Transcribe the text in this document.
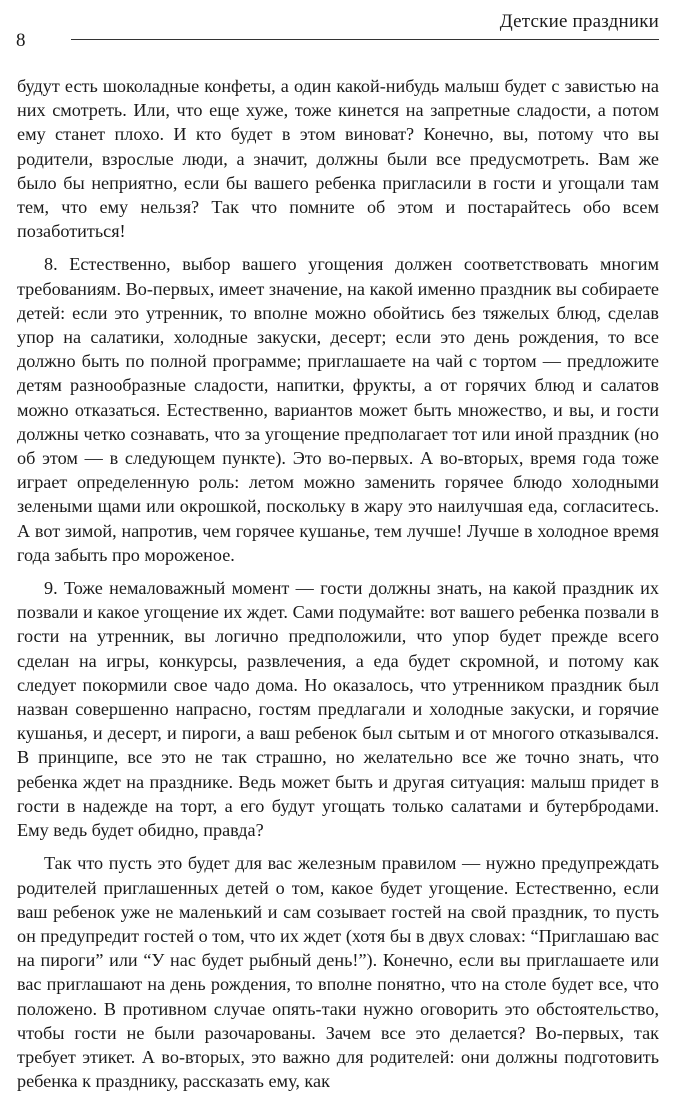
8
Детские праздники

будут есть шоколадные конфеты, а один какой-нибудь малыш будет с завистью на них смотреть. Или, что еще хуже, тоже кинется на запретные сладости, а потом ему станет плохо. И кто будет в этом виноват? Конечно, вы, потому что вы родители, взрослые люди, а значит, должны были все предусмотреть. Вам же было бы неприятно, если бы вашего ребенка пригласили в гости и угощали там тем, что ему нельзя? Так что помните об этом и постарайтесь обо всем позаботиться!

8. Естественно, выбор вашего угощения должен соответствовать многим требованиям. Во-первых, имеет значение, на какой именно праздник вы собираете детей: если это утренник, то вполне можно обойтись без тяжелых блюд, сделав упор на салатики, холодные закуски, десерт; если это день рождения, то все должно быть по полной программе; приглашаете на чай с тортом — предложите детям разнообразные сладости, напитки, фрукты, а от горячих блюд и салатов можно отказаться. Естественно, вариантов может быть множество, и вы, и гости должны четко сознавать, что за угощение предполагает тот или иной праздник (но об этом — в следующем пункте). Это во-первых. А во-вторых, время года тоже играет определенную роль: летом можно заменить горячее блюдо холодными зелеными щами или окрошкой, поскольку в жару это наилучшая еда, согласитесь. А вот зимой, напротив, чем горячее кушанье, тем лучше! Лучше в холодное время года забыть про мороженое.

9. Тоже немаловажный момент — гости должны знать, на какой праздник их позвали и какое угощение их ждет. Сами подумайте: вот вашего ребенка позвали в гости на утренник, вы логично предположили, что упор будет прежде всего сделан на игры, конкурсы, развлечения, а еда будет скромной, и потому как следует покормили свое чадо дома. Но оказалось, что утренником праздник был назван совершенно напрасно, гостям предлагали и холодные закуски, и горячие кушанья, и десерт, и пироги, а ваш ребенок был сытым и от многого отказывался. В принципе, все это не так страшно, но желательно все же точно знать, что ребенка ждет на празднике. Ведь может быть и другая ситуация: малыш придет в гости в надежде на торт, а его будут угощать только салатами и бутербродами. Ему ведь будет обидно, правда?

Так что пусть это будет для вас железным правилом — нужно предупреждать родителей приглашенных детей о том, какое будет угощение. Естественно, если ваш ребенок уже не маленький и сам созывает гостей на свой праздник, то пусть он предупредит гостей о том, что их ждет (хотя бы в двух словах: “Приглашаю вас на пироги” или “У нас будет рыбный день!”). Конечно, если вы приглашаете или вас приглашают на день рождения, то вполне понятно, что на столе будет все, что положено. В противном случае опять-таки нужно оговорить это обстоятельство, чтобы гости не были разочарованы. Зачем все это делается? Во-первых, так требует этикет. А во-вторых, это важно для родителей: они должны подготовить ребенка к празднику, рассказать ему, как
